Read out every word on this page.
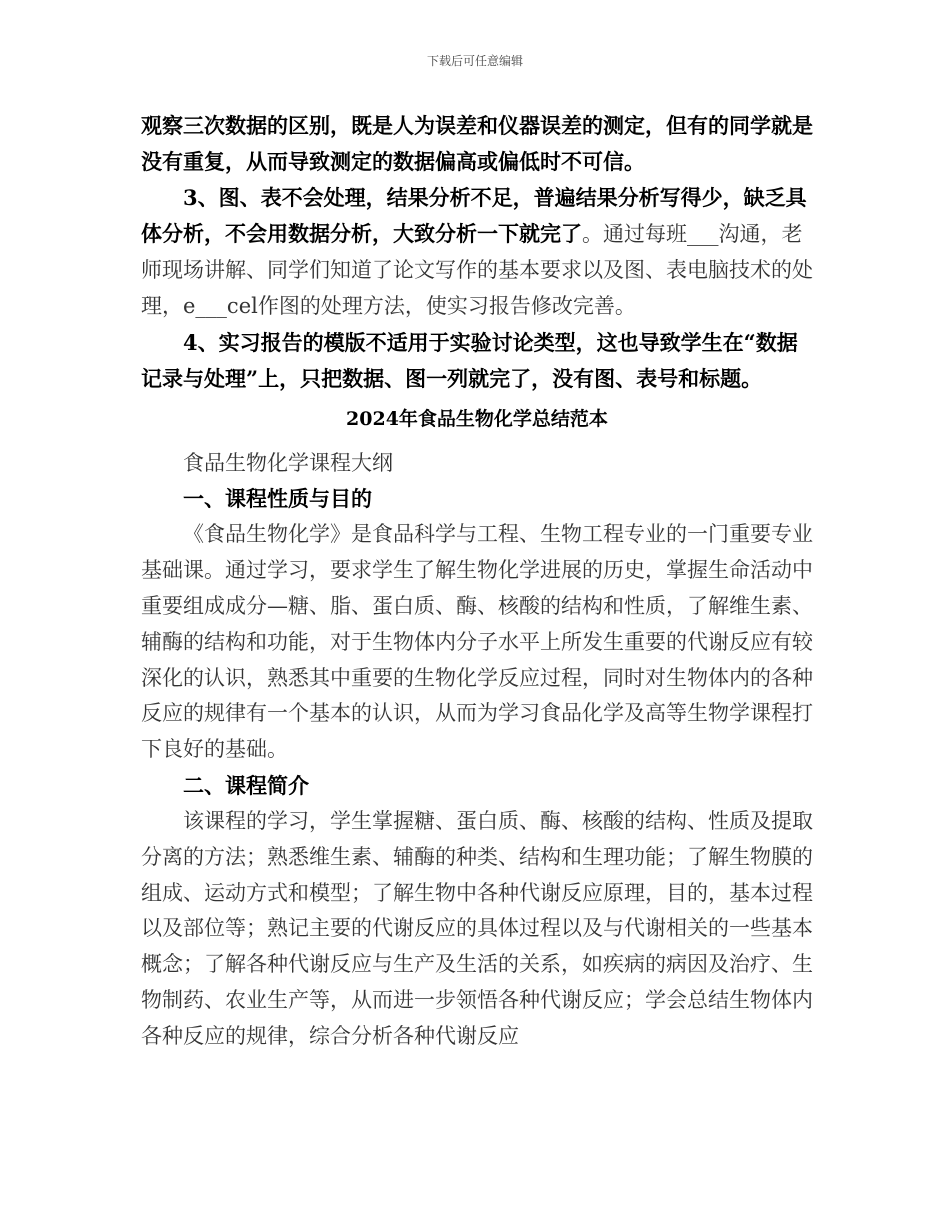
下载后可任意编辑

观察三次数据的区别，既是人为误差和仪器误差的测定，但有的同学就是没有重复，从而导致测定的数据偏高或偏低时不可信。

3、图、表不会处理，结果分析不足，普遍结果分析写得少，缺乏具体分析，不会用数据分析，大致分析一下就完了。通过每班___沟通，老师现场讲解、同学们知道了论文写作的基本要求以及图、表电脑技术的处理，e___cel作图的处理方法，使实习报告修改完善。

4、实习报告的模版不适用于实验讨论类型，这也导致学生在“数据记录与处理”上，只把数据、图一列就完了，没有图、表号和标题。

2024年食品生物化学总结范本

食品生物化学课程大纲

一、课程性质与目的

《食品生物化学》是食品科学与工程、生物工程专业的一门重要专业基础课。通过学习，要求学生了解生物化学进展的历史，掌握生命活动中重要组成成分—糖、脂、蛋白质、酶、核酸的结构和性质，了解维生素、辅酶的结构和功能，对于生物体内分子水平上所发生重要的代谢反应有较深化的认识，熟悉其中重要的生物化学反应过程，同时对生物体内的各种反应的规律有一个基本的认识，从而为学习食品化学及高等生物学课程打下良好的基础。

二、课程简介

该课程的学习，学生掌握糖、蛋白质、酶、核酸的结构、性质及提取分离的方法；熟悉维生素、辅酶的种类、结构和生理功能；了解生物膜的组成、运动方式和模型；了解生物中各种代谢反应原理，目的，基本过程以及部位等；熟记主要的代谢反应的具体过程以及与代谢相关的一些基本概念；了解各种代谢反应与生产及生活的关系，如疾病的病因及治疗、生物制药、农业生产等，从而进一步领悟各种代谢反应；学会总结生物体内各种反应的规律，综合分析各种代谢反应
